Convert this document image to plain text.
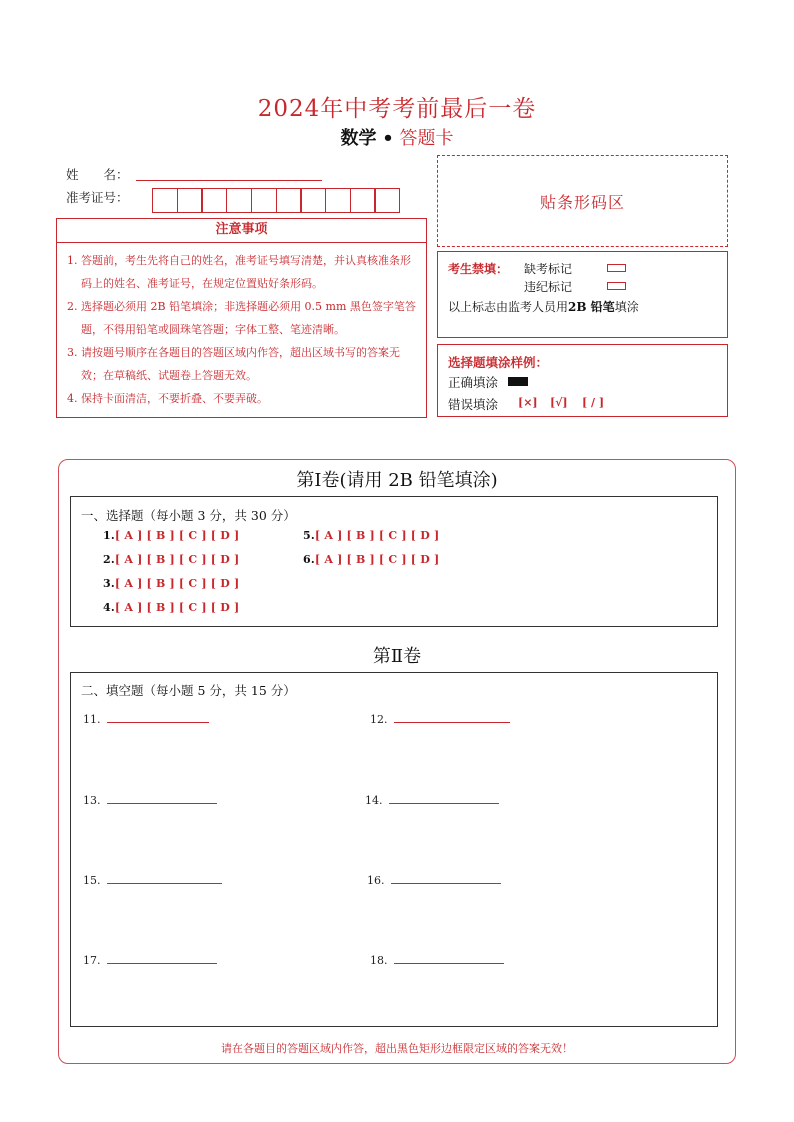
2024年中考考前最后一卷
数学 • 答题卡
姓　　名：
准考证号：	贴条形码区
注意事项
1. 答题前，考生先将自己的姓名，准考证号填写清楚，并认真核准条形码上的姓名、准考证号，在规定位置贴好条形码。
2. 选择题必须用 2B 铅笔填涂；非选择题必须用 0.5 mm 黑色签字笔答题，不得用铅笔或圆珠笔答题；字体工整、笔迹清晰。
3. 请按题号顺序在各题目的答题区域内作答，超出区域书写的答案无效；在草稿纸、试题卷上答题无效。
4. 保持卡面清洁，不要折叠、不要弄破。
考生禁填： 缺考标记
违纪标记
以上标志由监考人员用2B 铅笔填涂
选择题填涂样例：
正确填涂
错误填涂 [×] [√] [ / ]
第Ⅰ卷(请用 2B 铅笔填涂)
一、选择题（每小题 3 分，共 30 分）
1.[ A ] [ B ] [ C ] [ D ]
2.[ A ] [ B ] [ C ] [ D ]
3.[ A ] [ B ] [ C ] [ D ]
4.[ A ] [ B ] [ C ] [ D ]
5.[ A ] [ B ] [ C ] [ D ]
6.[ A ] [ B ] [ C ] [ D ]
第Ⅱ卷
二、填空题（每小题 5 分，共 15 分）
11.	12.
13.	14.
15.	16.
17.	18.
请在各题目的答题区域内作答，超出黑色矩形边框限定区域的答案无效！
